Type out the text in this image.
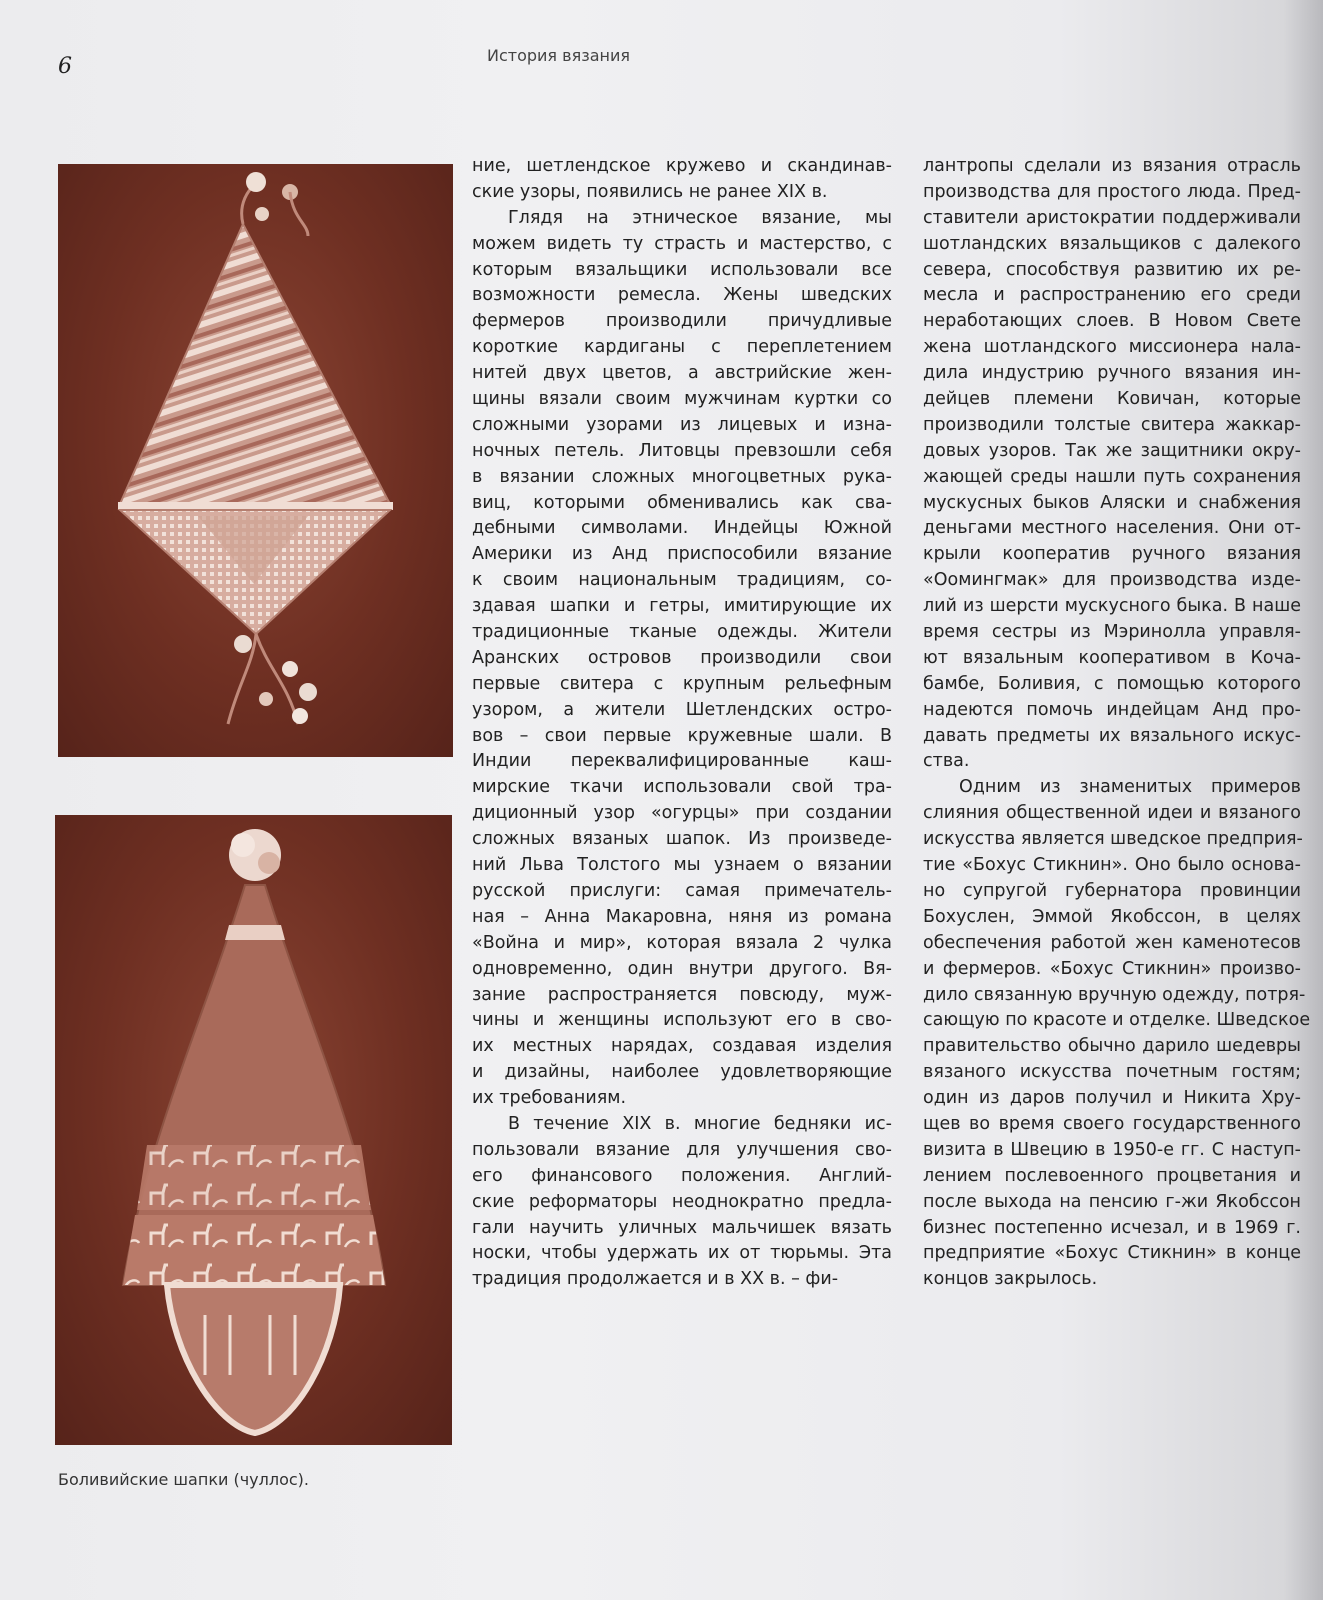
6	История вязания
Боливийские шапки (чуллос).
ние, шетлендское кружево и скандинав-
ские узоры, появились не ранее XIX в.
Глядя на этническое вязание, мы
можем видеть ту страсть и мастерство, с
которым вязальщики использовали все
возможности ремесла. Жены шведских
фермеров производили причудливые
короткие кардиганы с переплетением
нитей двух цветов, а австрийские жен-
щины вязали своим мужчинам куртки со
сложными узорами из лицевых и изна-
ночных петель. Литовцы превзошли себя
в вязании сложных многоцветных рука-
виц, которыми обменивались как сва-
дебными символами. Индейцы Южной
Америки из Анд приспособили вязание
к своим национальным традициям, со-
здавая шапки и гетры, имитирующие их
традиционные тканые одежды. Жители
Аранских островов производили свои
первые свитера с крупным рельефным
узором, а жители Шетлендских остро-
вов – свои первые кружевные шали. В
Индии переквалифицированные каш-
мирские ткачи использовали свой тра-
диционный узор «огурцы» при создании
сложных вязаных шапок. Из произведе-
ний Льва Толстого мы узнаем о вязании
русской прислуги: самая примечатель-
ная – Анна Макаровна, няня из романа
«Война и мир», которая вязала 2 чулка
одновременно, один внутри другого. Вя-
зание распространяется повсюду, муж-
чины и женщины используют его в сво-
их местных нарядах, создавая изделия
и дизайны, наиболее удовлетворяющие
их требованиям.
В течение XIX в. многие бедняки ис-
пользовали вязание для улучшения сво-
его финансового положения. Англий-
ские реформаторы неоднократно предла-
гали научить уличных мальчишек вязать
носки, чтобы удержать их от тюрьмы. Эта
традиция продолжается и в XX в. – фи-
лантропы сделали из вязания отрасль
производства для простого люда. Пред-
ставители аристократии поддерживали
шотландских вязальщиков с далекого
севера, способствуя развитию их ре-
месла и распространению его среди
неработающих слоев. В Новом Свете
жена шотландского миссионера нала-
дила индустрию ручного вязания ин-
дейцев племени Ковичан, которые
производили толстые свитера жаккар-
довых узоров. Так же защитники окру-
жающей среды нашли путь сохранения
мускусных быков Аляски и снабжения
деньгами местного населения. Они от-
крыли кооператив ручного вязания
«Оомингмак» для производства изде-
лий из шерсти мускусного быка. В наше
время сестры из Мэринолла управля-
ют вязальным кооперативом в Коча-
бамбе, Боливия, с помощью которого
надеются помочь индейцам Анд про-
давать предметы их вязального искус-
ства.
Одним из знаменитых примеров
слияния общественной идеи и вязаного
искусства является шведское предприя-
тие «Бохус Стикнин». Оно было основа-
но супругой губернатора провинции
Бохуслен, Эммой Якобссон, в целях
обеспечения работой жен каменотесов
и фермеров. «Бохус Стикнин» произво-
дило связанную вручную одежду, потря-
сающую по красоте и отделке. Шведское
правительство обычно дарило шедевры
вязаного искусства почетным гостям;
один из даров получил и Никита Хру-
щев во время своего государственного
визита в Швецию в 1950-е гг. С наступ-
лением послевоенного процветания и
после выхода на пенсию г-жи Якобссон
бизнес постепенно исчезал, и в 1969 г.
предприятие «Бохус Стикнин» в конце
концов закрылось.
